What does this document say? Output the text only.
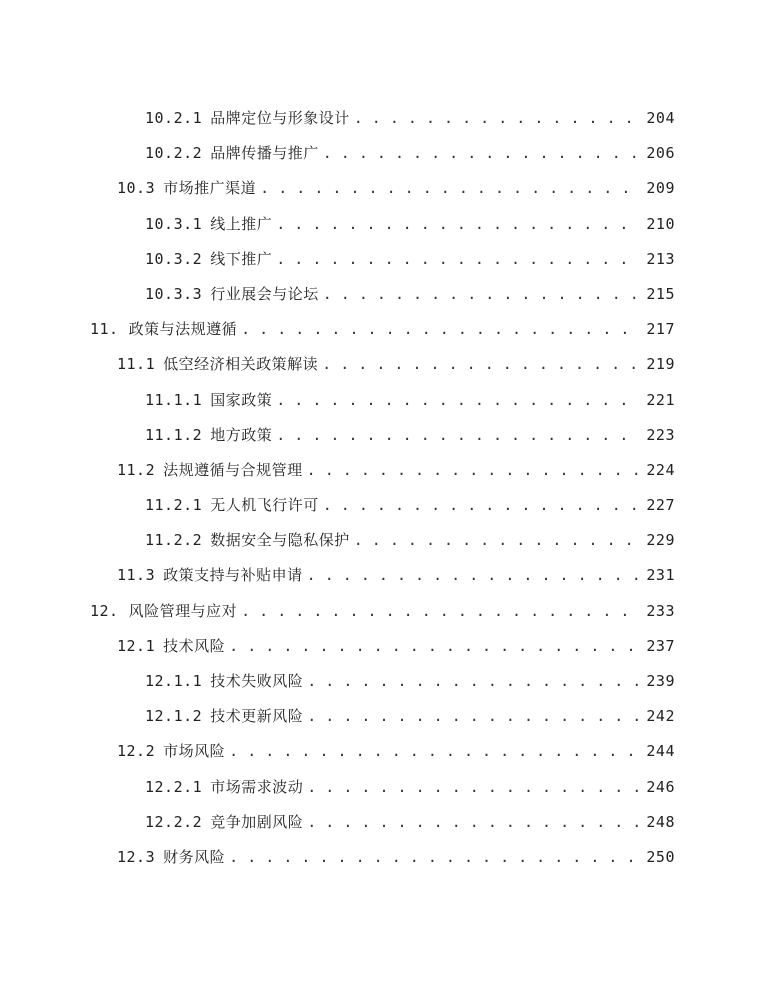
10.2.1 品牌定位与形象设计 . . .	204
10.2.2 品牌传播与推广 . . .	206
10.3 市场推广渠道 . . .	209
10.3.1 线上推广 . . .	210
10.3.2 线下推广 . . .	213
10.3.3 行业展会与论坛 . . .	215
11. 政策与法规遵循 . . .	217
11.1 低空经济相关政策解读 . . .	219
11.1.1 国家政策 . . .	221
11.1.2 地方政策 . . .	223
11.2 法规遵循与合规管理 . . .	224
11.2.1 无人机飞行许可 . . .	227
11.2.2 数据安全与隐私保护 . . .	229
11.3 政策支持与补贴申请 . . .	231
12. 风险管理与应对 . . .	233
12.1 技术风险 . . .	237
12.1.1 技术失败风险 . . .	239
12.1.2 技术更新风险 . . .	242
12.2 市场风险 . . .	244
12.2.1 市场需求波动 . . .	246
12.2.2 竞争加剧风险 . . .	248
12.3 财务风险 . . .	250
